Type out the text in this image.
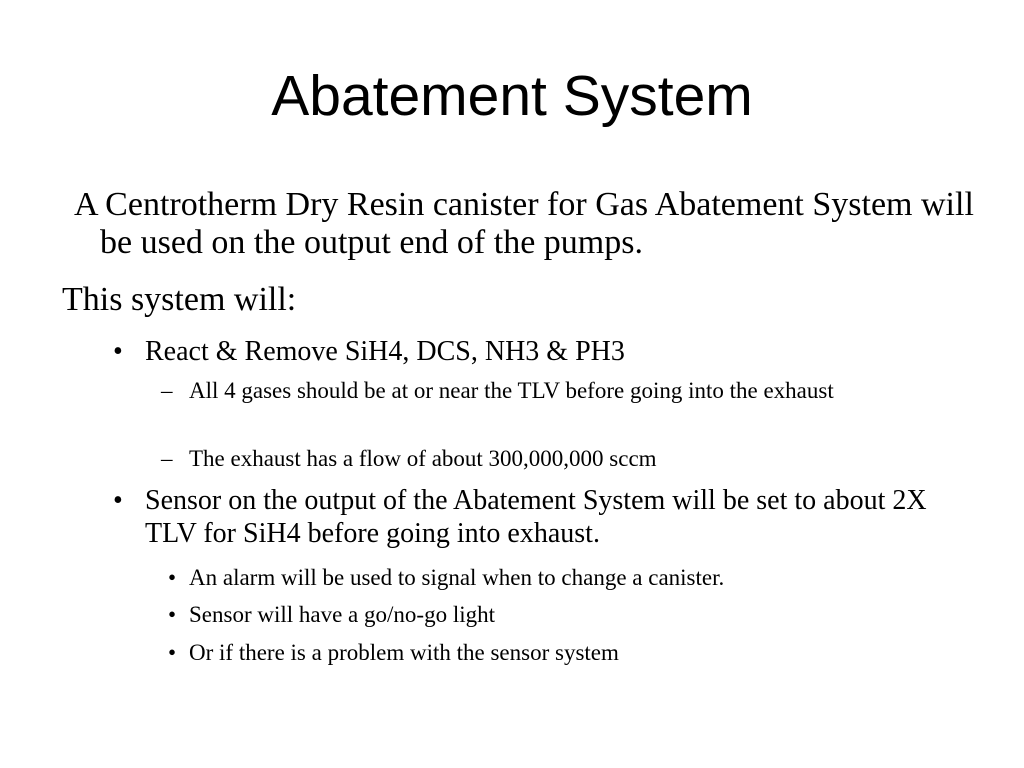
Abatement System

A Centrotherm Dry Resin canister for Gas Abatement System will be used on the output end of the pumps.

This system will:

• React & Remove SiH4, DCS, NH3 & PH3
– All 4 gases should be at or near the TLV before going into the exhaust
– The exhaust has a flow of about 300,000,000 sccm
• Sensor on the output of the Abatement System will be set to about 2X TLV for SiH4 before going into exhaust.
• An alarm will be used to signal when to change a canister.
• Sensor will have a go/no-go light
• Or if there is a problem with the sensor system
